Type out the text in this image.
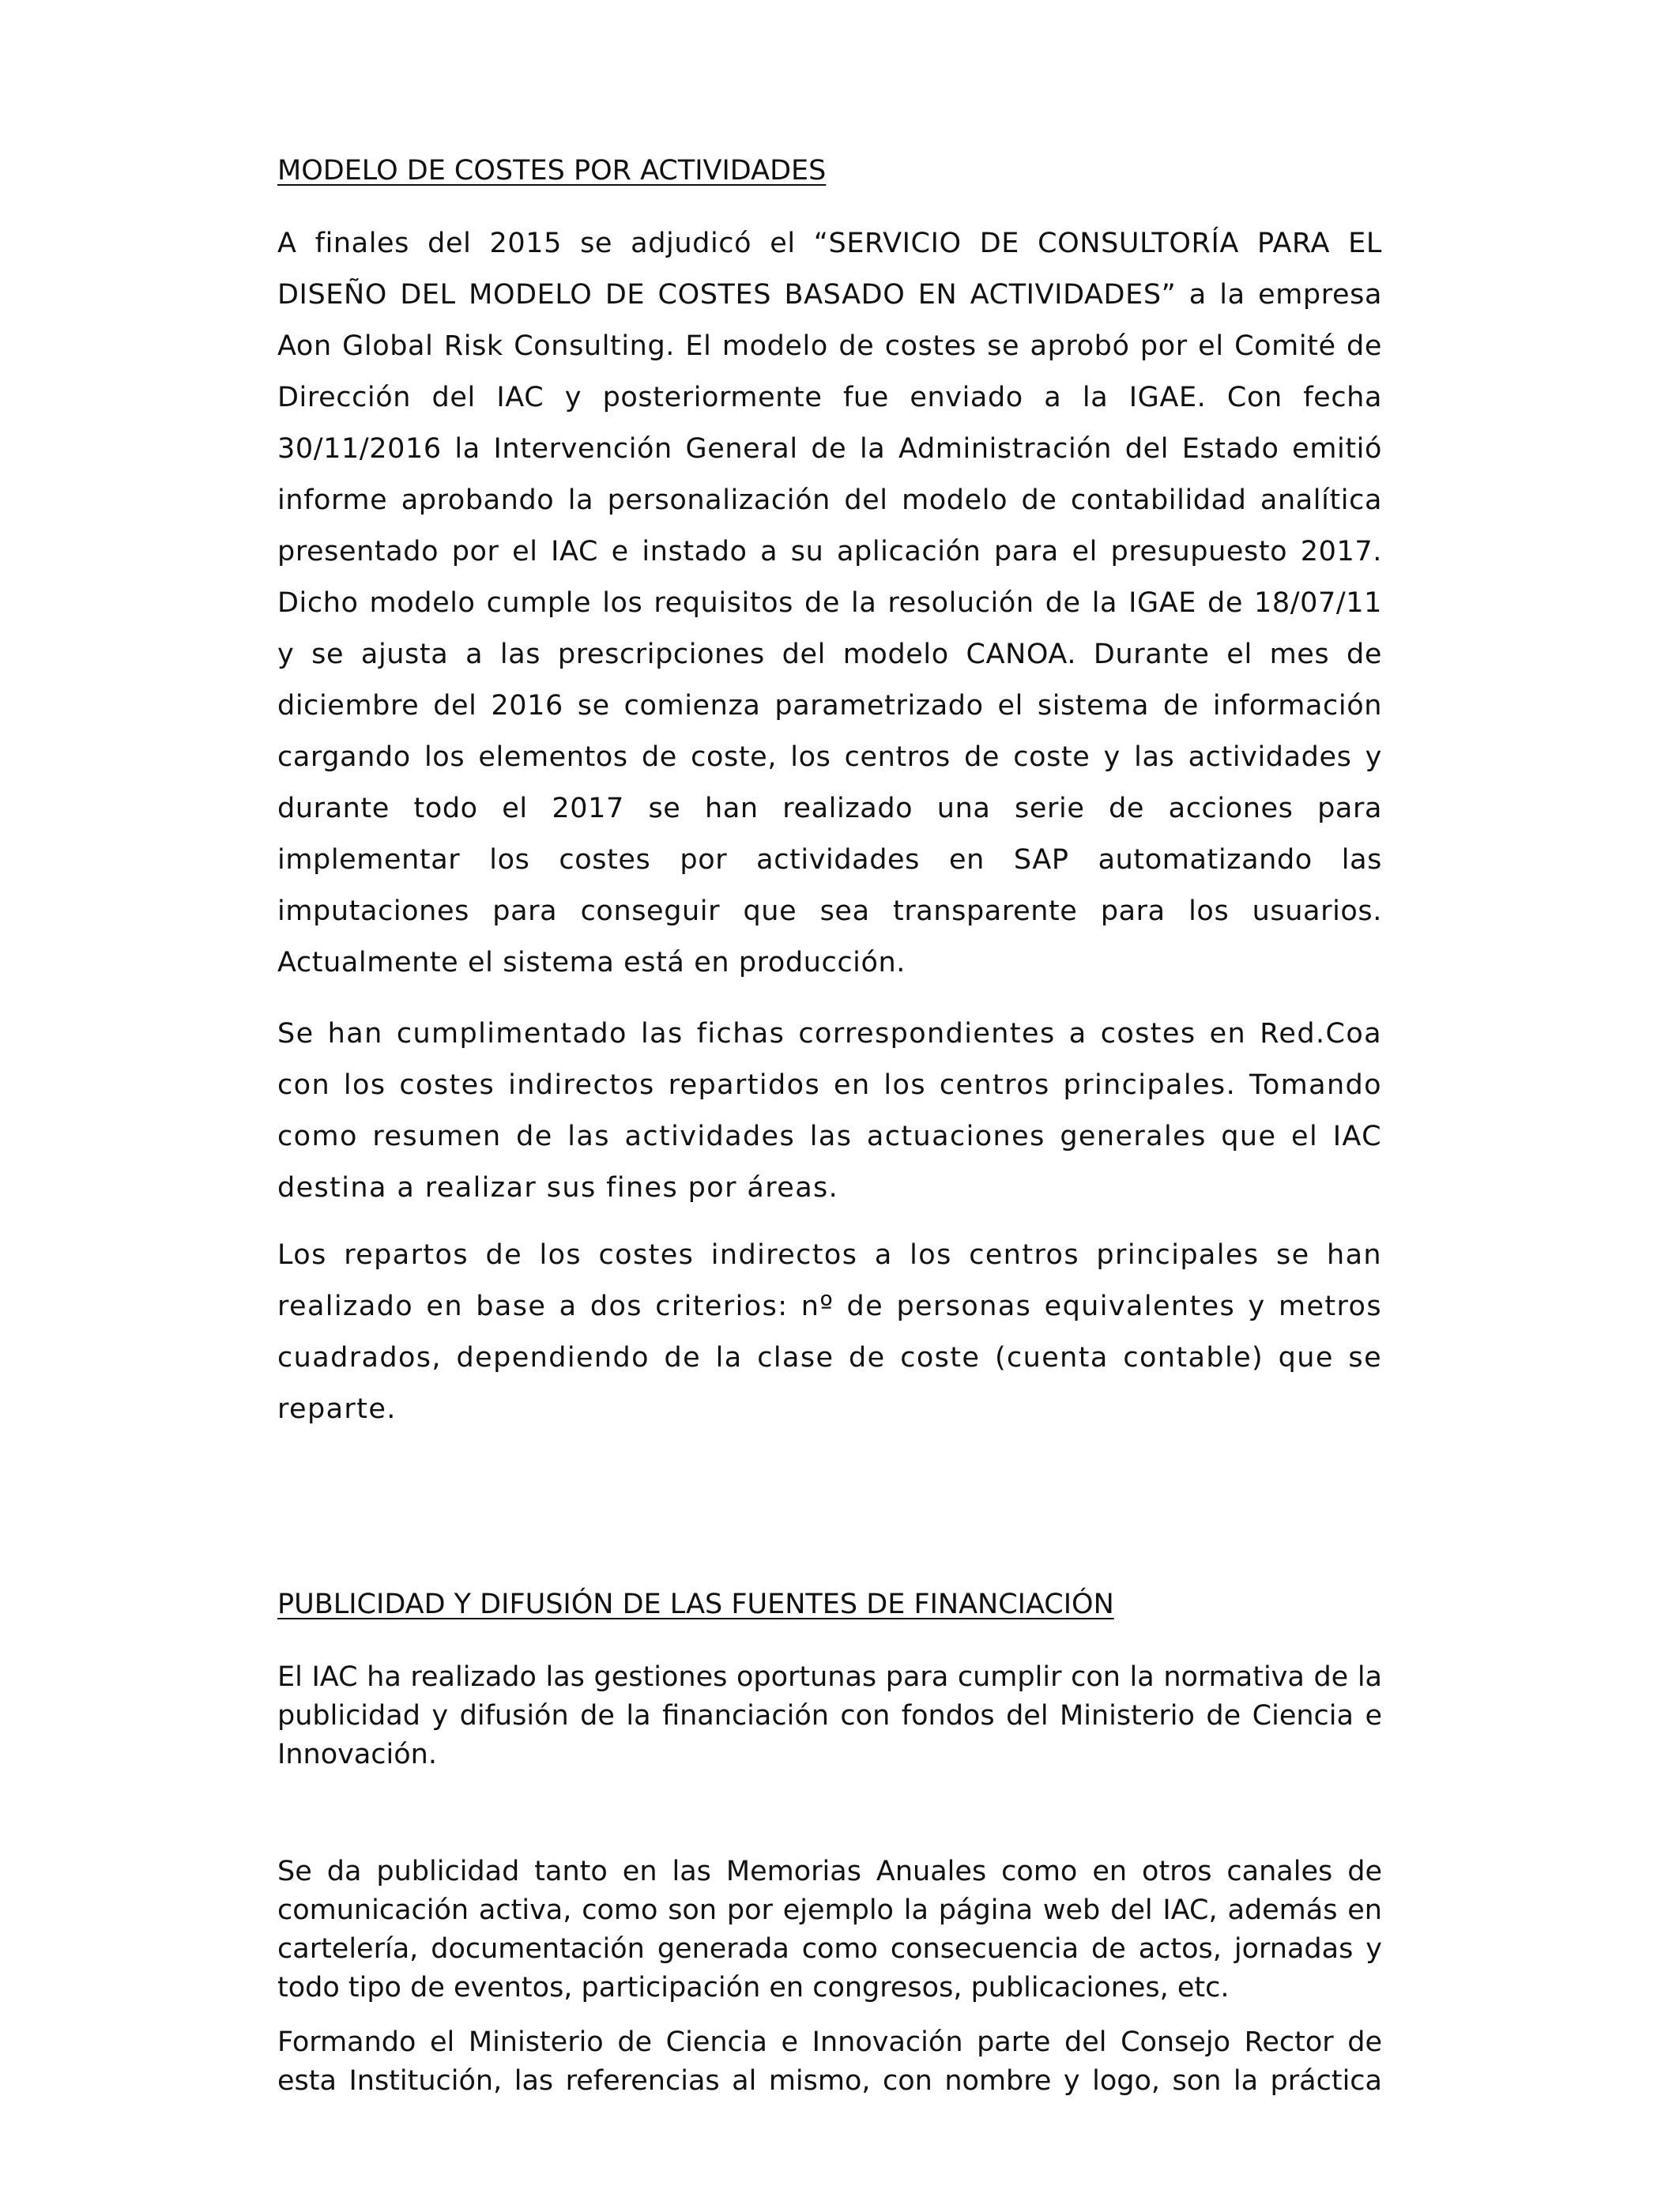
MODELO DE COSTES POR ACTIVIDADES

A finales del 2015 se adjudicó el “SERVICIO DE CONSULTORÍA PARA EL DISEÑO DEL MODELO DE COSTES BASADO EN ACTIVIDADES” a la empresa Aon Global Risk Consulting. El modelo de costes se aprobó por el Comité de Dirección del IAC y posteriormente fue enviado a la IGAE. Con fecha 30/11/2016 la Intervención General de la Administración del Estado emitió informe aprobando la personalización del modelo de contabilidad analítica presentado por el IAC e instado a su aplicación para el presupuesto 2017. Dicho modelo cumple los requisitos de la resolución de la IGAE de 18/07/11 y se ajusta a las prescripciones del modelo CANOA. Durante el mes de diciembre del 2016 se comienza parametrizado el sistema de información cargando los elementos de coste, los centros de coste y las actividades y durante todo el 2017 se han realizado una serie de acciones para implementar los costes por actividades en SAP automatizando las imputaciones para conseguir que sea transparente para los usuarios. Actualmente el sistema está en producción.

Se han cumplimentado las fichas correspondientes a costes en Red.Coa con los costes indirectos repartidos en los centros principales. Tomando como resumen de las actividades las actuaciones generales que el IAC destina a realizar sus fines por áreas.

Los repartos de los costes indirectos a los centros principales se han realizado en base a dos criterios: nº de personas equivalentes y metros cuadrados, dependiendo de la clase de coste (cuenta contable) que se reparte.

PUBLICIDAD Y DIFUSIÓN DE LAS FUENTES DE FINANCIACIÓN

El IAC ha realizado las gestiones oportunas para cumplir con la normativa de la publicidad y difusión de la financiación con fondos del Ministerio de Ciencia e Innovación.

Se da publicidad tanto en las Memorias Anuales como en otros canales de comunicación activa, como son por ejemplo la página web del IAC, además en cartelería, documentación generada como consecuencia de actos, jornadas y todo tipo de eventos, participación en congresos, publicaciones, etc.

Formando el Ministerio de Ciencia e Innovación parte del Consejo Rector de esta Institución, las referencias al mismo, con nombre y logo, son la práctica
